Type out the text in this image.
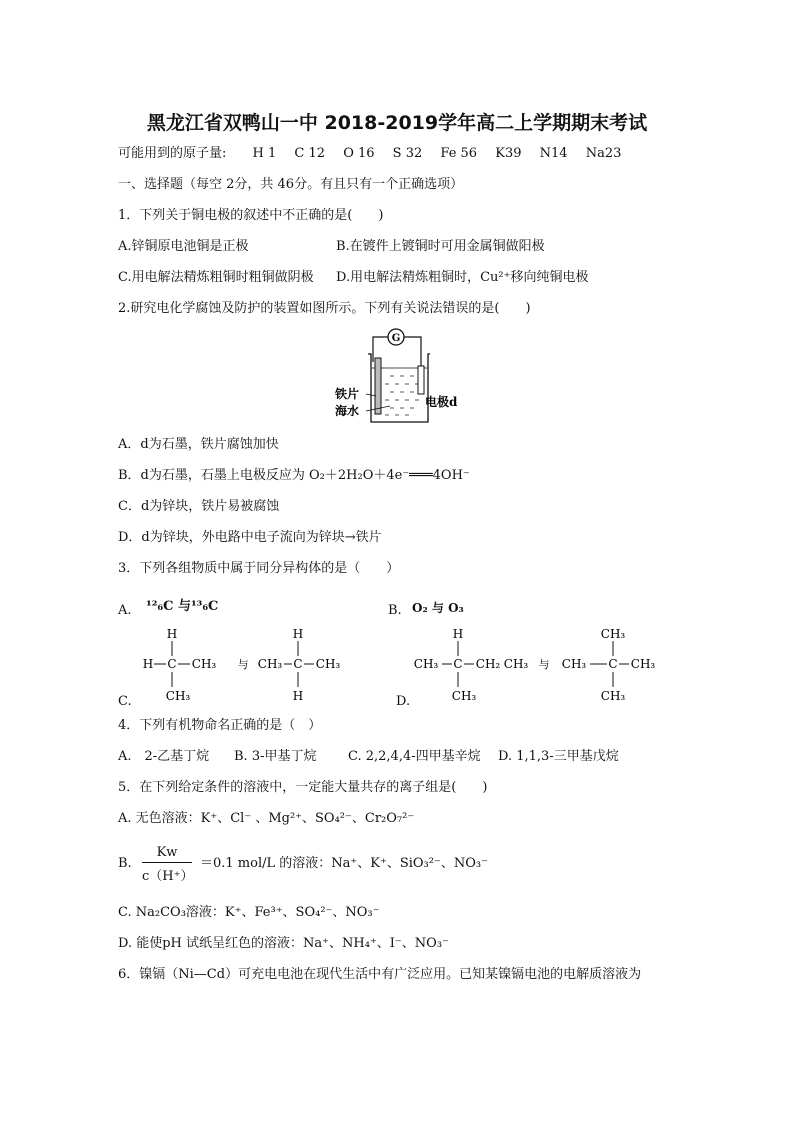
黑龙江省双鸭山一中 2018-2019学年高二上学期期末考试
可能用到的原子量: H 1 C 12 O 16 S 32 Fe 56 K39 N14 Na23
一、选择题（每空 2分，共 46分。有且只有一个正确选项）
1．下列关于铜电极的叙述中不正确的是(　　)
A.锌铜原电池铜是正极	B.在镀件上镀铜时可用金属铜做阳极
C.用电解法精炼粗铜时粗铜做阴极 D.用电解法精炼粗铜时，Cu²⁺移向纯铜电极
2.研究电化学腐蚀及防护的装置如图所示。下列有关说法错误的是(　　)
G
铁片
海水
电极d
A．d为石墨，铁片腐蚀加快
B．d为石墨，石墨上电极反应为 O₂＋2H₂O＋4e⁻═══4OH⁻
C．d为锌块，铁片易被腐蚀
D．d为锌块，外电路中电子流向为锌块→铁片
3．下列各组物质中属于同分异构体的是（　　）
A. ¹²₆C 与¹³₆C	B. O₂ 与 O₃
C.
H
H C CH₃
CH₃
与 CH₃
H
C CH₃
H	D.
H
CH₃ C CH₂ CH₃
CH₃
与 CH₃
CH₃
C CH₃
CH₃
4．下列有机物命名正确的是（　）
A.　2-乙基丁烷 B. 3-甲基丁烷 C. 2,2,4,4-四甲基辛烷 D. 1,1,3-三甲基戊烷
5．在下列给定条件的溶液中，一定能大量共存的离子组是(　　)
A. 无色溶液：K⁺、Cl⁻ 、Mg²⁺、SO₄²⁻、Cr₂O₇²⁻
B. $\frac{Kw}{c(H^+)} =0.1$ mol/L 的溶液：Na⁺、K⁺、SiO₃²⁻、NO₃⁻
C. Na₂CO₃溶液：K⁺、Fe³⁺、SO₄²⁻、NO₃⁻
D. 能使pH 试纸呈红色的溶液：Na⁺、NH₄⁺、I⁻、NO₃⁻
6．镍镉（Ni—Cd）可充电电池在现代生活中有广泛应用。已知某镍镉电池的电解质溶液为
